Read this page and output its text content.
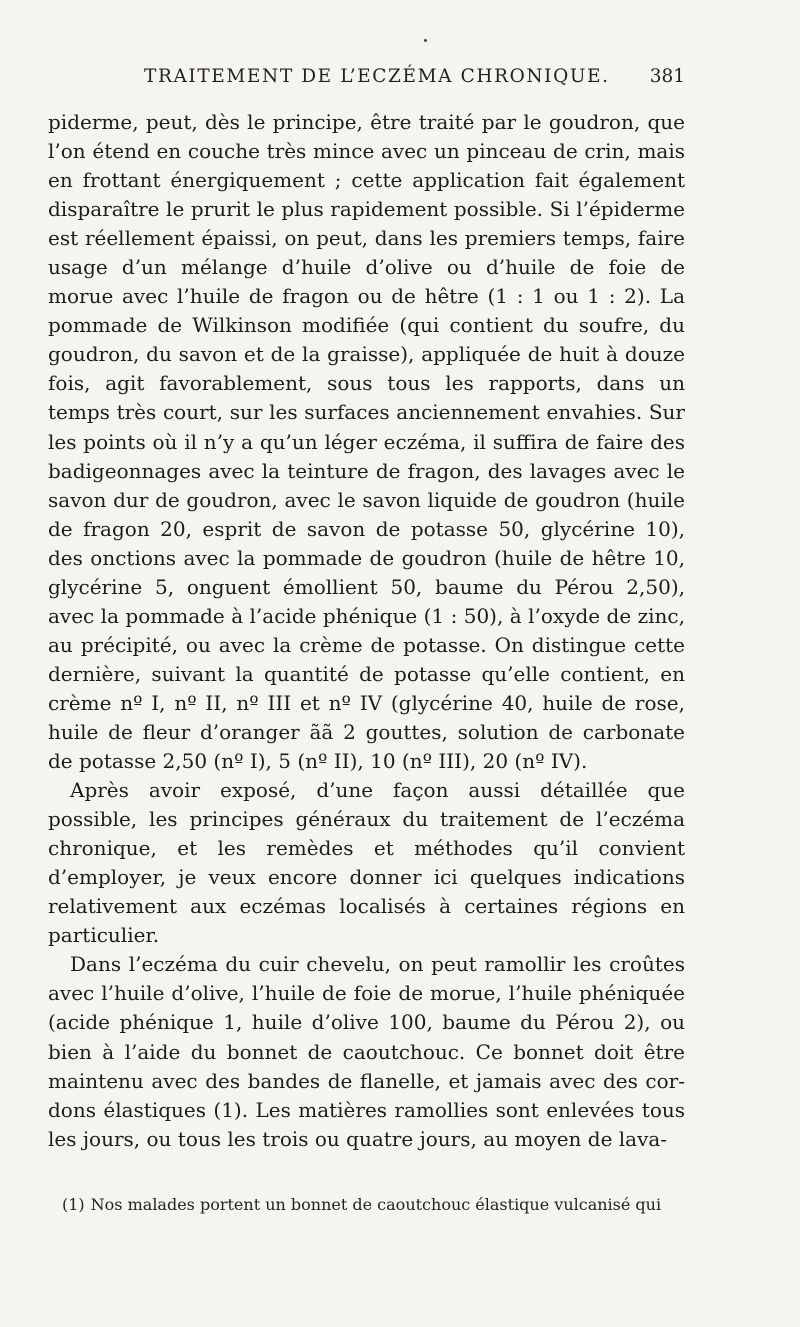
TRAITEMENT DE L’ECZÉMA CHRONIQUE. 381

piderme, peut, dès le principe, être traité par le goudron, que l’on étend en couche très mince avec un pinceau de crin, mais en frottant énergiquement ; cette application fait également disparaître le prurit le plus rapidement possible. Si l’épiderme est réellement épaissi, on peut, dans les premiers temps, faire usage d’un mélange d’huile d’olive ou d’huile de foie de morue avec l’huile de fragon ou de hêtre (1 : 1 ou 1 : 2). La pommade de Wilkinson modifiée (qui contient du soufre, du goudron, du savon et de la graisse), appliquée de huit à douze fois, agit favorablement, sous tous les rapports, dans un temps très court, sur les surfaces anciennement envahies. Sur les points où il n’y a qu’un léger eczéma, il suffira de faire des badigeonnages avec la teinture de fragon, des lavages avec le savon dur de goudron, avec le savon liquide de goudron (huile de fragon 20, esprit de savon de potasse 50, glycérine 10), des onctions avec la pommade de goudron (huile de hêtre 10, glycérine 5, onguent émollient 50, baume du Pérou 2,50), avec la pommade à l’acide phénique (1 : 50), à l’oxyde de zinc, au précipité, ou avec la crème de potasse. On distingue cette dernière, suivant la quantité de potasse qu’elle contient, en crème nº I, nº II, nº III et nº IV (glycérine 40, huile de rose, huile de fleur d’oranger ãã 2 gouttes, solution de carbonate de potasse 2,50 (nº I), 5 (nº II), 10 (nº III), 20 (nº IV).

Après avoir exposé, d’une façon aussi détaillée que possible, les principes généraux du traitement de l’eczéma chronique, et les remèdes et méthodes qu’il convient d’employer, je veux encore donner ici quelques indications relativement aux eczémas localisés à certaines régions en particulier.

Dans l’eczéma du cuir chevelu, on peut ramollir les croûtes avec l’huile d’olive, l’huile de foie de morue, l’huile phéniquée (acide phénique 1, huile d’olive 100, baume du Pérou 2), ou bien à l’aide du bonnet de caoutchouc. Ce bonnet doit être maintenu avec des bandes de flanelle, et jamais avec des cordons élastiques (1). Les matières ramollies sont enlevées tous les jours, ou tous les trois ou quatre jours, au moyen de lava-

(1) Nos malades portent un bonnet de caoutchouc élastique vulcanisé qui
